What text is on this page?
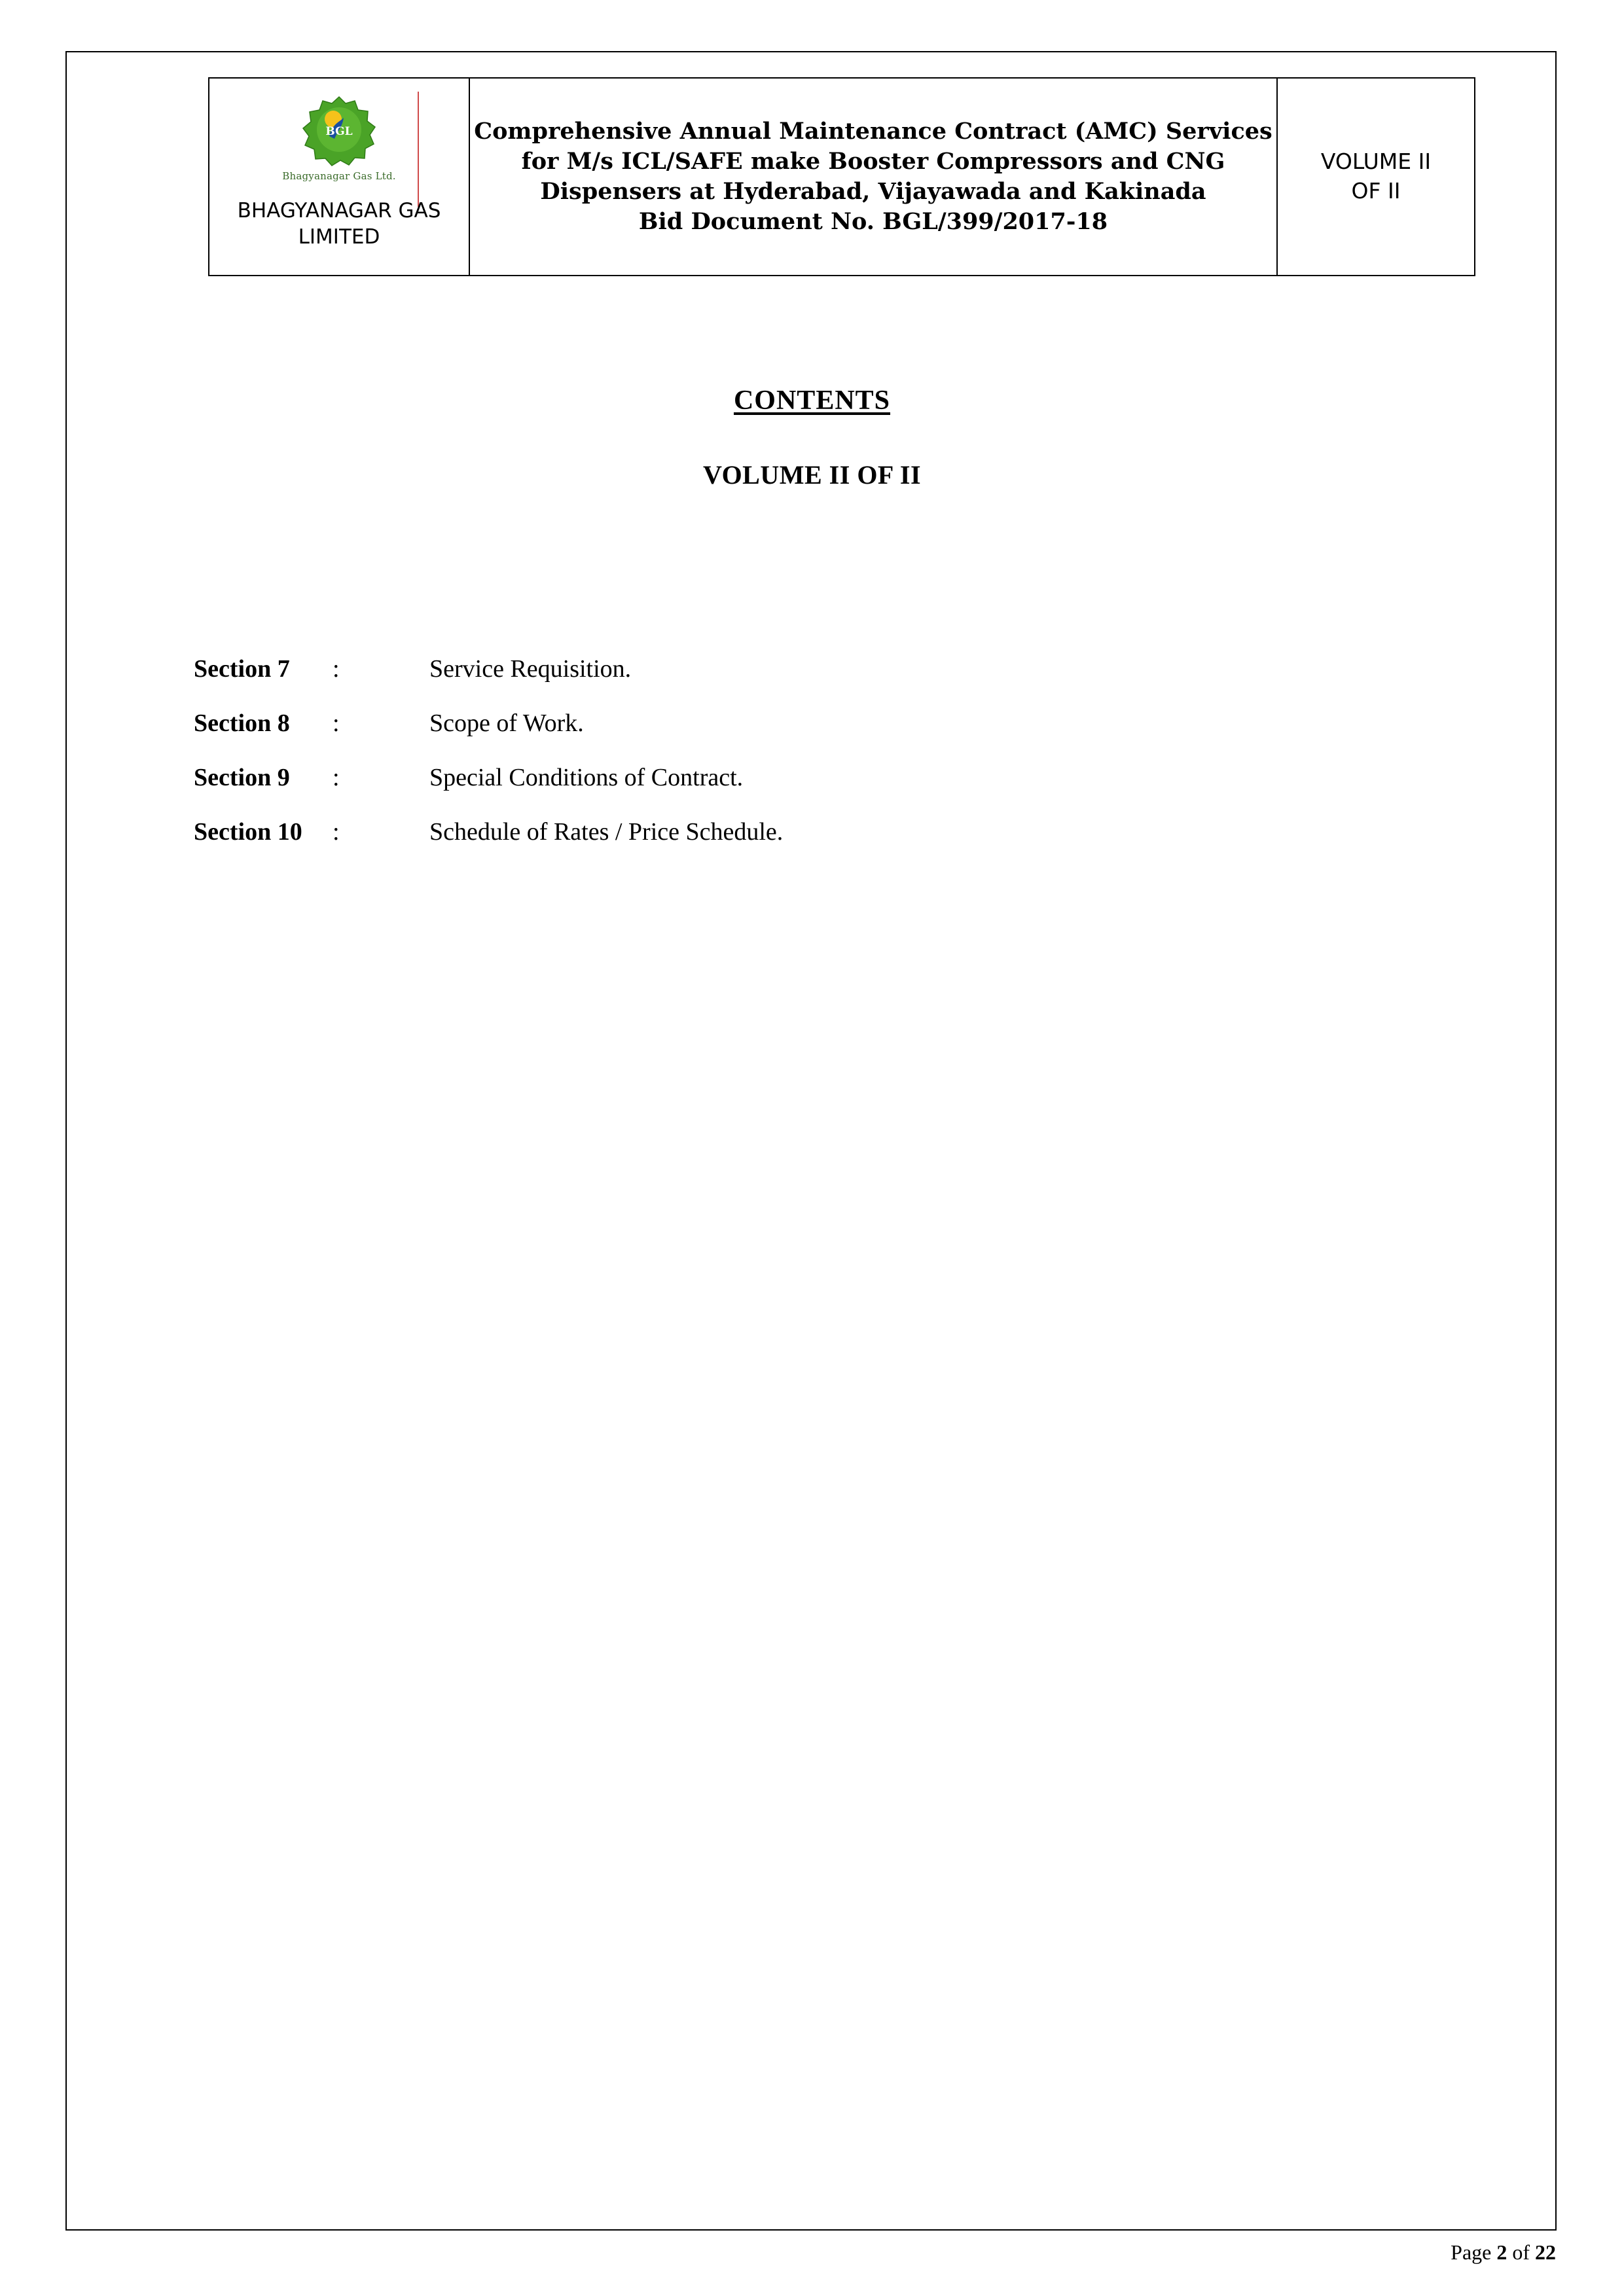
BGL
Bhagyanagar Gas Ltd.
BHAGYANAGAR GAS
LIMITED

Comprehensive Annual Maintenance Contract (AMC) Services for M/s ICL/SAFE make Booster Compressors and CNG Dispensers at Hyderabad, Vijayawada and Kakinada
Bid Document No. BGL/399/2017-18

VOLUME II
OF II
CONTENTS
VOLUME II OF II
Section 7	:	Service Requisition.
Section 8	:	Scope of Work.
Section 9	:	Special Conditions of Contract.
Section 10	:	Schedule of Rates / Price Schedule.
Page 2 of 22
